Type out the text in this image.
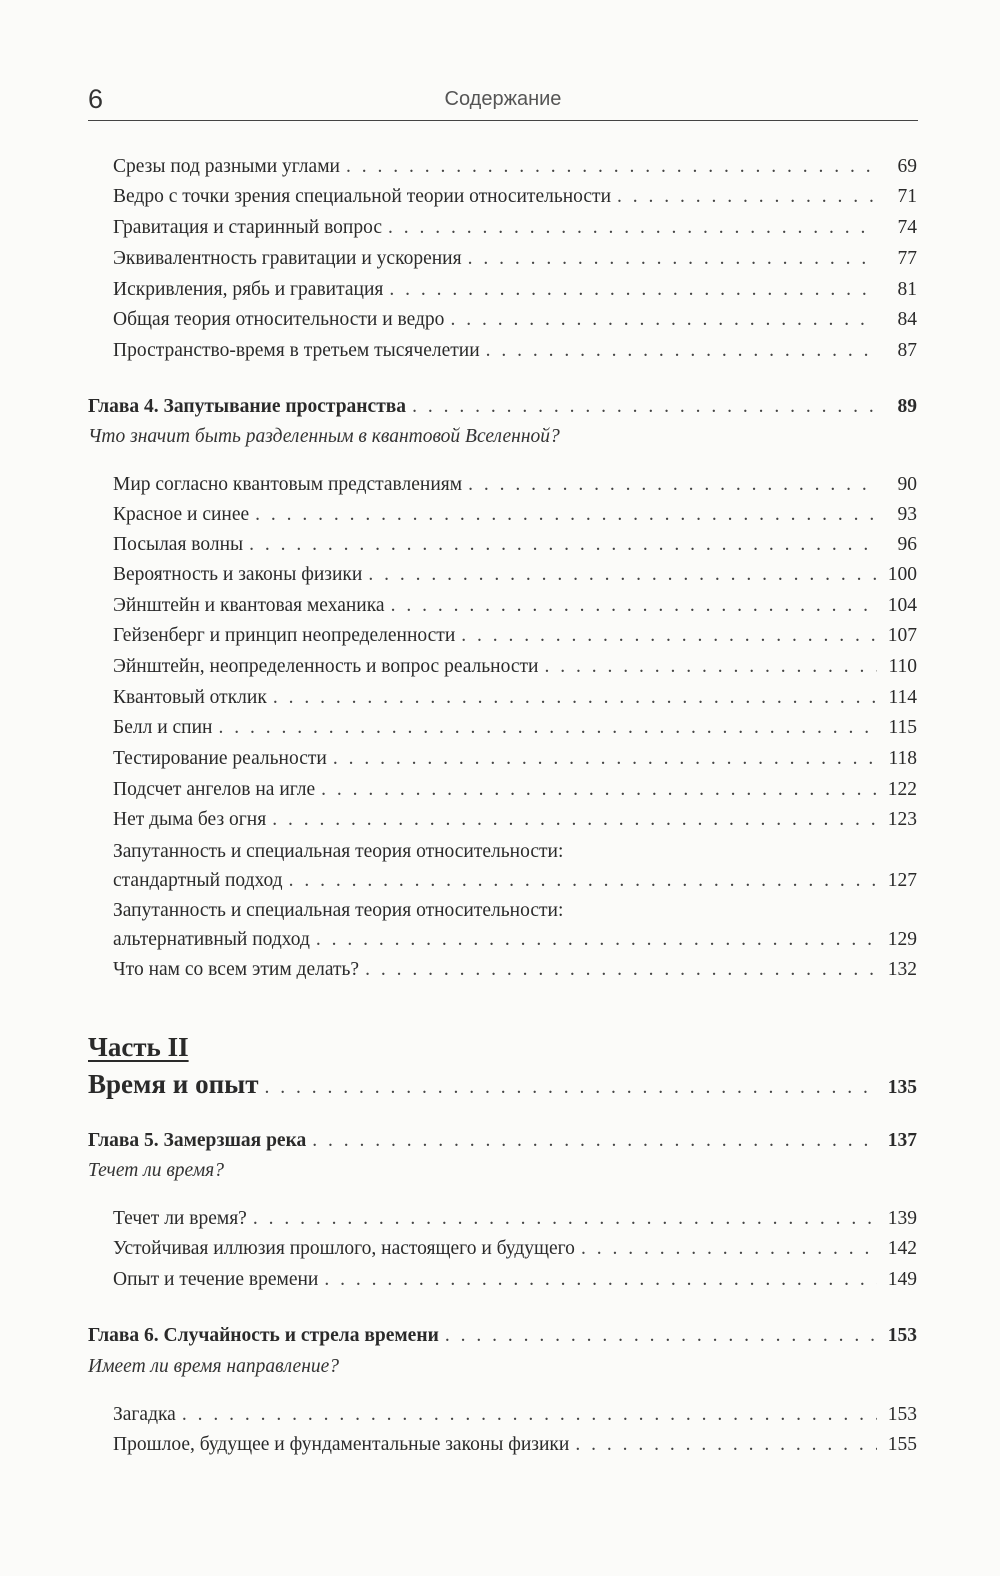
6	Содержание
Срезы под разными углами . . .	69
Ведро с точки зрения специальной теории относительности . . .	71
Гравитация и старинный вопрос . . .	74
Эквивалентность гравитации и ускорения . . .	77
Искривления, рябь и гравитация . . .	81
Общая теория относительности и ведро . . .	84
Пространство-время в третьем тысячелетии . . .	87
Глава 4. Запутывание пространства . . .	89
Что значит быть разделенным в квантовой Вселенной?
Мир согласно квантовым представлениям . . .	90
Красное и синее . . .	93
Посылая волны . . .	96
Вероятность и законы физики . . .	100
Эйнштейн и квантовая механика . . .	104
Гейзенберг и принцип неопределенности . . .	107
Эйнштейн, неопределенность и вопрос реальности . . .	110
Квантовый отклик . . .	114
Белл и спин . . .	115
Тестирование реальности . . .	118
Подсчет ангелов на игле . . .	122
Нет дыма без огня . . .	123
Запутанность и специальная теория относительности:
стандартный подход . . .	127
Запутанность и специальная теория относительности:
альтернативный подход . . .	129
Что нам со всем этим делать? . . .	132
Часть II
Время и опыт . . .	135
Глава 5. Замерзшая река . . .	137
Течет ли время?
Течет ли время? . . .	139
Устойчивая иллюзия прошлого, настоящего и будущего . . .	142
Опыт и течение времени . . .	149
Глава 6. Случайность и стрела времени . . .	153
Имеет ли время направление?
Загадка . . .	153
Прошлое, будущее и фундаментальные законы физики . . .	155
